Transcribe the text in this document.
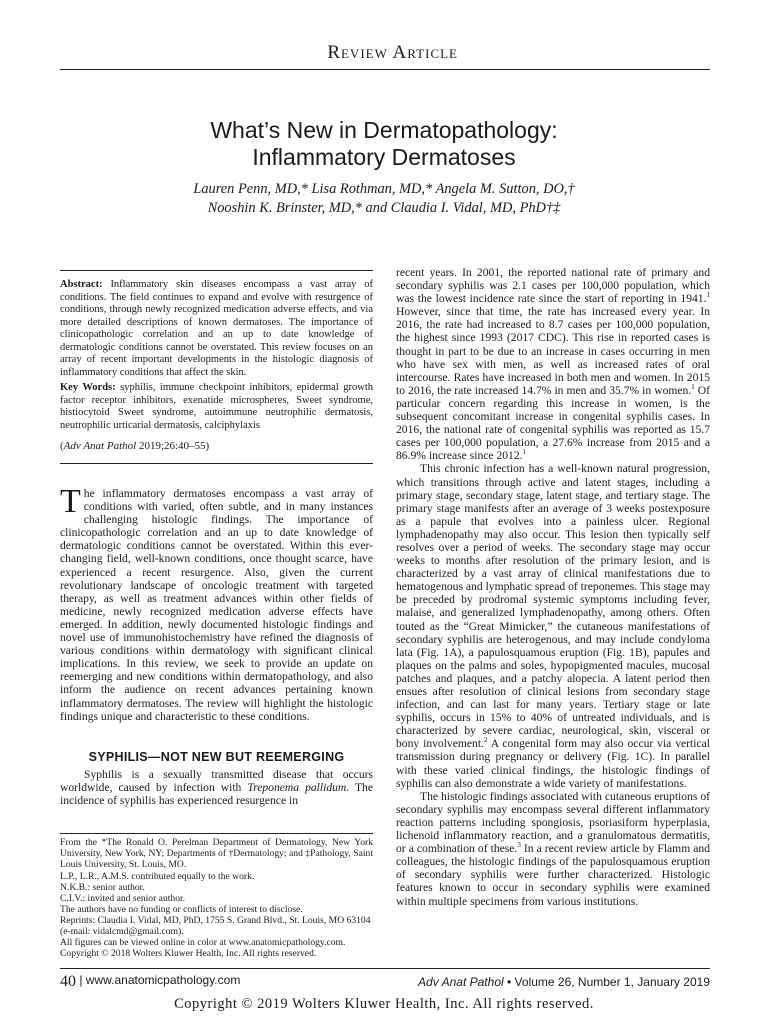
Review Article
What’s New in Dermatopathology:
Inflammatory Dermatoses
Lauren Penn, MD,* Lisa Rothman, MD,* Angela M. Sutton, DO,†
Nooshin K. Brinster, MD,* and Claudia I. Vidal, MD, PhD†‡
Abstract: Inflammatory skin diseases encompass a vast array of conditions. The field continues to expand and evolve with resurgence of conditions, through newly recognized medication adverse effects, and via more detailed descriptions of known dermatoses. The importance of clinicopathologic correlation and an up to date knowledge of dermatologic conditions cannot be overstated. This review focuses on an array of recent important developments in the histologic diagnosis of inflammatory conditions that affect the skin.
Key Words: syphilis, immune checkpoint inhibitors, epidermal growth factor receptor inhibitors, exenatide microspheres, Sweet syndrome, histiocytoid Sweet syndrome, autoimmune neutrophilic dermatosis, neutrophilic urticarial dermatosis, calciphylaxis
(Adv Anat Pathol 2019;26:40–55)
The inflammatory dermatoses encompass a vast array of conditions with varied, often subtle, and in many instances challenging histologic findings. The importance of clinicopathologic correlation and an up to date knowledge of dermatologic conditions cannot be overstated. Within this ever-changing field, well-known conditions, once thought scarce, have experienced a recent resurgence. Also, given the current revolutionary landscape of oncologic treatment with targeted therapy, as well as treatment advances within other fields of medicine, newly recognized medication adverse effects have emerged. In addition, newly documented histologic findings and novel use of immunohistochemistry have refined the diagnosis of various conditions within dermatology with significant clinical implications. In this review, we seek to provide an update on reemerging and new conditions within dermatopathology, and also inform the audience on recent advances pertaining known inflammatory dermatoses. The review will highlight the histologic findings unique and characteristic to these conditions.
SYPHILIS—NOT NEW BUT REEMERGING
Syphilis is a sexually transmitted disease that occurs worldwide, caused by infection with Treponema pallidum. The incidence of syphilis has experienced resurgence in
From the *The Ronald O. Perelman Department of Dermatology, New York University, New York, NY; Departments of †Dermatology; and ‡Pathology, Saint Louis University, St. Louis, MO.
L.P., L.R., A.M.S. contributed equally to the work.
N.K.B.: senior author.
C.I.V.: invited and senior author.
The authors have no funding or conflicts of interest to disclose.
Reprints: Claudia I. Vidal, MD, PhD, 1755 S. Grand Blvd., St. Louis, MO 63104 (e-mail: vidalcmd@gmail.com).
All figures can be viewed online in color at www.anatomicpathology.com.
Copyright © 2018 Wolters Kluwer Health, Inc. All rights reserved.

recent years. In 2001, the reported national rate of primary and secondary syphilis was 2.1 cases per 100,000 population, which was the lowest incidence rate since the start of reporting in 1941.$^1$ However, since that time, the rate has increased every year. In 2016, the rate had increased to 8.7 cases per 100,000 population, the highest since 1993 (2017 CDC). This rise in reported cases is thought in part to be due to an increase in cases occurring in men who have sex with men, as well as increased rates of oral intercourse. Rates have increased in both men and women. In 2015 to 2016, the rate increased 14.7% in men and 35.7% in women.$^1$ Of particular concern regarding this increase in women, is the subsequent concomitant increase in congenital syphilis cases. In 2016, the national rate of congenital syphilis was reported as 15.7 cases per 100,000 population, a 27.6% increase from 2015 and a 86.9% increase since 2012.$^1$

This chronic infection has a well-known natural progression, which transitions through active and latent stages, including a primary stage, secondary stage, latent stage, and tertiary stage. The primary stage manifests after an average of 3 weeks postexposure as a papule that evolves into a painless ulcer. Regional lymphadenopathy may also occur. This lesion then typically self resolves over a period of weeks. The secondary stage may occur weeks to months after resolution of the primary lesion, and is characterized by a vast array of clinical manifestations due to hematogenous and lymphatic spread of treponemes. This stage may be preceded by prodromal systemic symptoms including fever, malaise, and generalized lymphadenopathy, among others. Often touted as the “Great Mimicker,” the cutaneous manifestations of secondary syphilis are heterogenous, and may include condyloma lata (Fig. 1A), a papulosquamous eruption (Fig. 1B), papules and plaques on the palms and soles, hypopigmented macules, mucosal patches and plaques, and a patchy alopecia. A latent period then ensues after resolution of clinical lesions from secondary stage infection, and can last for many years. Tertiary stage or late syphilis, occurs in 15% to 40% of untreated individuals, and is characterized by severe cardiac, neurological, skin, visceral or bony involvement.$^2$ A congenital form may also occur via vertical transmission during pregnancy or delivery (Fig. 1C). In parallel with these varied clinical findings, the histologic findings of syphilis can also demonstrate a wide variety of manifestations.

The histologic findings associated with cutaneous eruptions of secondary syphilis may encompass several different inflammatory reaction patterns including spongiosis, psoriasiform hyperplasia, lichenoid inflammatory reaction, and a granulomatous dermatitis, or a combination of these.$^3$ In a recent review article by Flamm and colleagues, the histologic findings of the papulosquamous eruption of secondary syphilis were further characterized. Histologic features known to occur in secondary syphilis were examined within multiple specimens from various institutions.

40 | www.anatomicpathology.com	Adv Anat Pathol • Volume 26, Number 1, January 2019
Copyright © 2019 Wolters Kluwer Health, Inc. All rights reserved.
